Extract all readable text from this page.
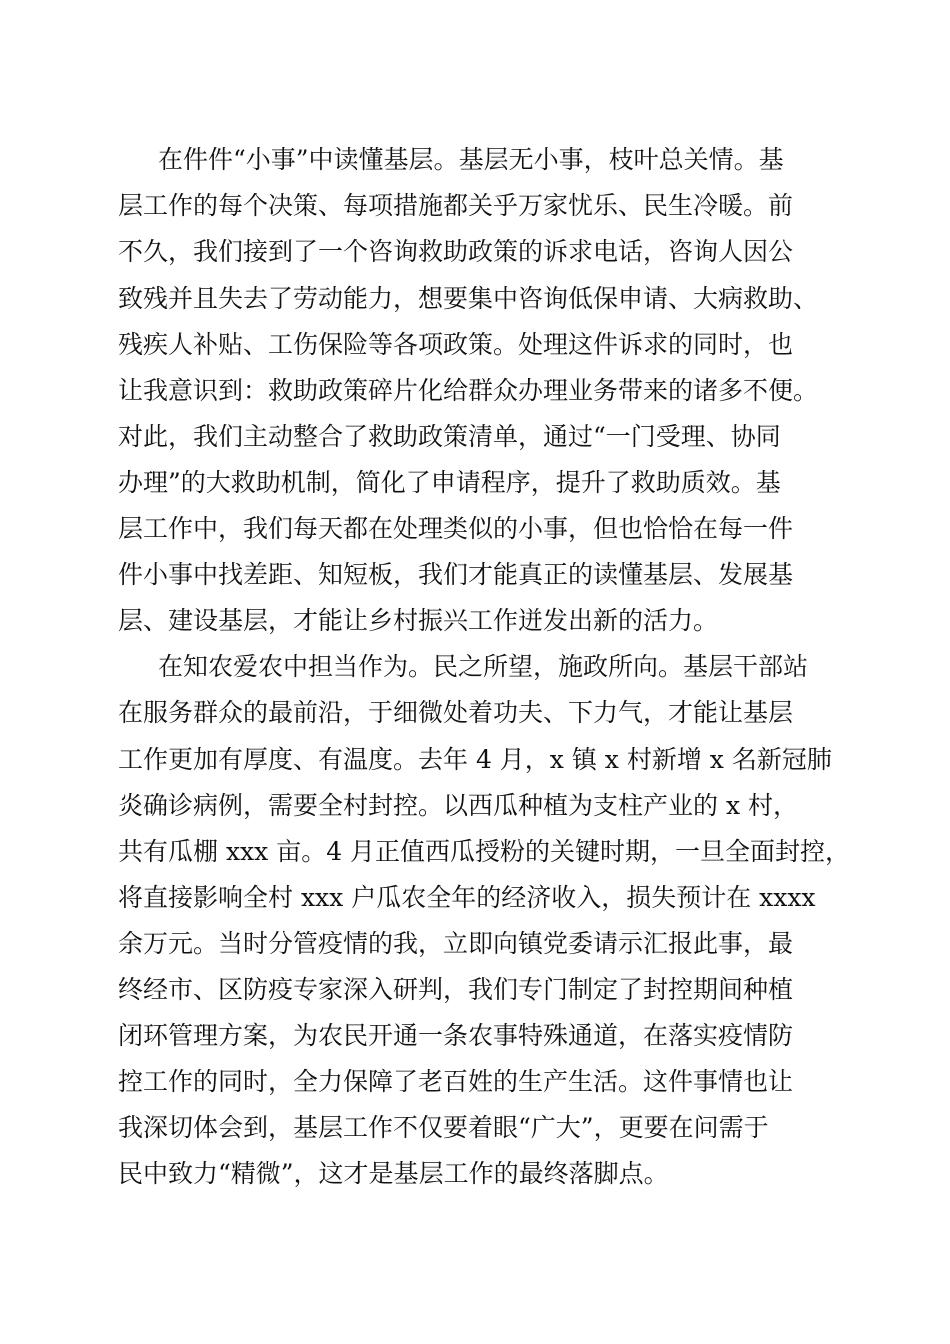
在件件“小事”中读懂基层。基层无小事，枝叶总关情。基
层工作的每个决策、每项措施都关乎万家忧乐、民生冷暖。前
不久，我们接到了一个咨询救助政策的诉求电话，咨询人因公
致残并且失去了劳动能力，想要集中咨询低保申请、大病救助、
残疾人补贴、工伤保险等各项政策。处理这件诉求的同时，也
让我意识到：救助政策碎片化给群众办理业务带来的诸多不便。
对此，我们主动整合了救助政策清单，通过“一门受理、协同
办理”的大救助机制，简化了申请程序，提升了救助质效。基
层工作中，我们每天都在处理类似的小事，但也恰恰在每一件
件小事中找差距、知短板，我们才能真正的读懂基层、发展基
层、建设基层，才能让乡村振兴工作迸发出新的活力。
在知农爱农中担当作为。民之所望，施政所向。基层干部站
在服务群众的最前沿，于细微处着功夫、下力气，才能让基层
工作更加有厚度、有温度。去年 4 月，x 镇 x 村新增 x 名新冠肺
炎确诊病例，需要全村封控。以西瓜种植为支柱产业的 x 村，
共有瓜棚 xxx 亩。4 月正值西瓜授粉的关键时期，一旦全面封控，
将直接影响全村 xxx 户瓜农全年的经济收入，损失预计在 xxxx
余万元。当时分管疫情的我，立即向镇党委请示汇报此事，最
终经市、区防疫专家深入研判，我们专门制定了封控期间种植
闭环管理方案，为农民开通一条农事特殊通道，在落实疫情防
控工作的同时，全力保障了老百姓的生产生活。这件事情也让
我深切体会到，基层工作不仅要着眼“广大”，更要在问需于
民中致力“精微”，这才是基层工作的最终落脚点。
